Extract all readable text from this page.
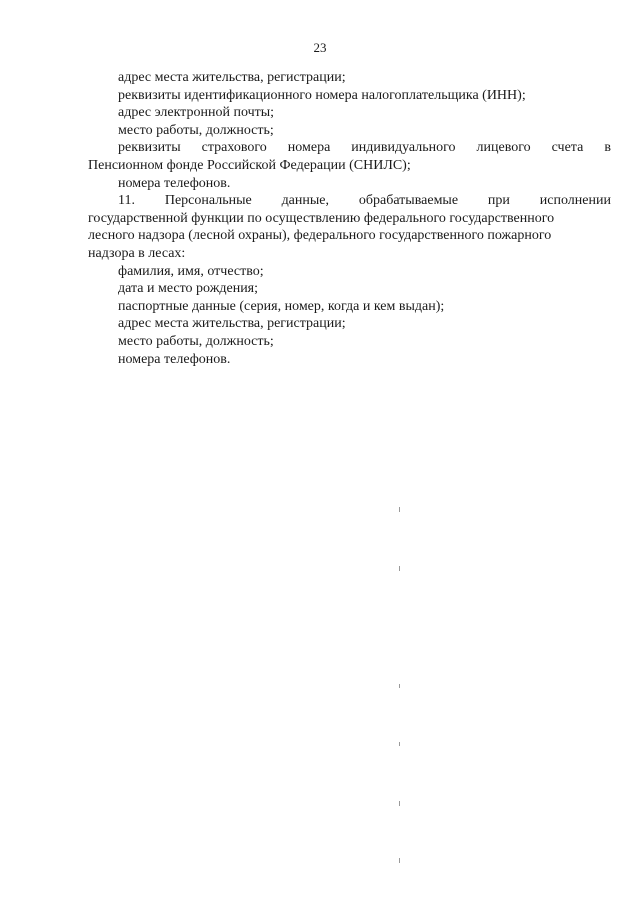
23

адрес места жительства, регистрации;

реквизиты идентификационного номера налогоплательщика (ИНН);

адрес электронной почты;

место работы, должность;

реквизиты страхового номера индивидуального лицевого счета в

Пенсионном фонде Российской Федерации (СНИЛС);

номера телефонов.

11. Персональные данные, обрабатываемые при исполнении

государственной функции по осуществлению федерального государственного

лесного надзора (лесной охраны), федерального государственного пожарного

надзора в лесах:

фамилия, имя, отчество;

дата и место рождения;

паспортные данные (серия, номер, когда и кем выдан);

адрес места жительства, регистрации;

место работы, должность;

номера телефонов.
